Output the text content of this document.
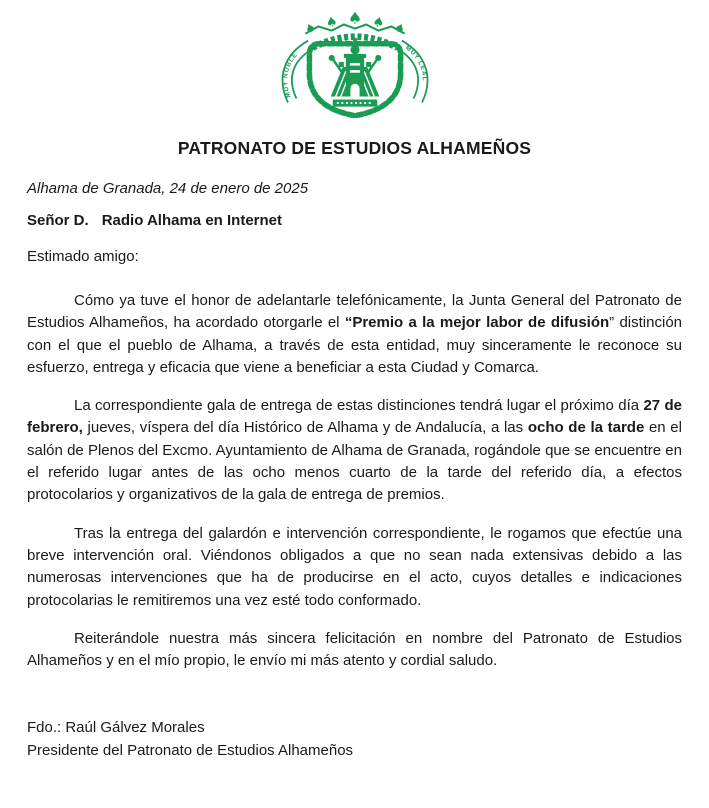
♠
♠ ♠
♠	♠
MUY NOBLE
MUY LEAL
PATRONATO DE ESTUDIOS ALHAMEÑOS

Alhama de Granada, 24 de enero de 2025

Señor D. Radio Alhama en Internet

Estimado amigo:

Cómo ya tuve el honor de adelantarle telefónicamente, la Junta General del Patronato de Estudios Alhameños, ha acordado otorgarle el “Premio a la mejor labor de difusión” distinción con el que el pueblo de Alhama, a través de esta entidad, muy sinceramente le reconoce su esfuerzo, entrega y eficacia que viene a beneficiar a esta Ciudad y Comarca.

La correspondiente gala de entrega de estas distinciones tendrá lugar el próximo día 27 de febrero, jueves, víspera del día Histórico de Alhama y de Andalucía, a las ocho de la tarde en el salón de Plenos del Excmo. Ayuntamiento de Alhama de Granada, rogándole que se encuentre en el referido lugar antes de las ocho menos cuarto de la tarde del referido día, a efectos protocolarios y organizativos de la gala de entrega de premios.

Tras la entrega del galardón e intervención correspondiente, le rogamos que efectúe una breve intervención oral. Viéndonos obligados a que no sean nada extensivas debido a las numerosas intervenciones que ha de producirse en el acto, cuyos detalles e indicaciones protocolarias le remitiremos una vez esté todo conformado.

Reiterándole nuestra más sincera felicitación en nombre del Patronato de Estudios Alhameños y en el mío propio, le envío mi más atento y cordial saludo.

Fdo.: Raúl Gálvez Morales

Presidente del Patronato de Estudios Alhameños
